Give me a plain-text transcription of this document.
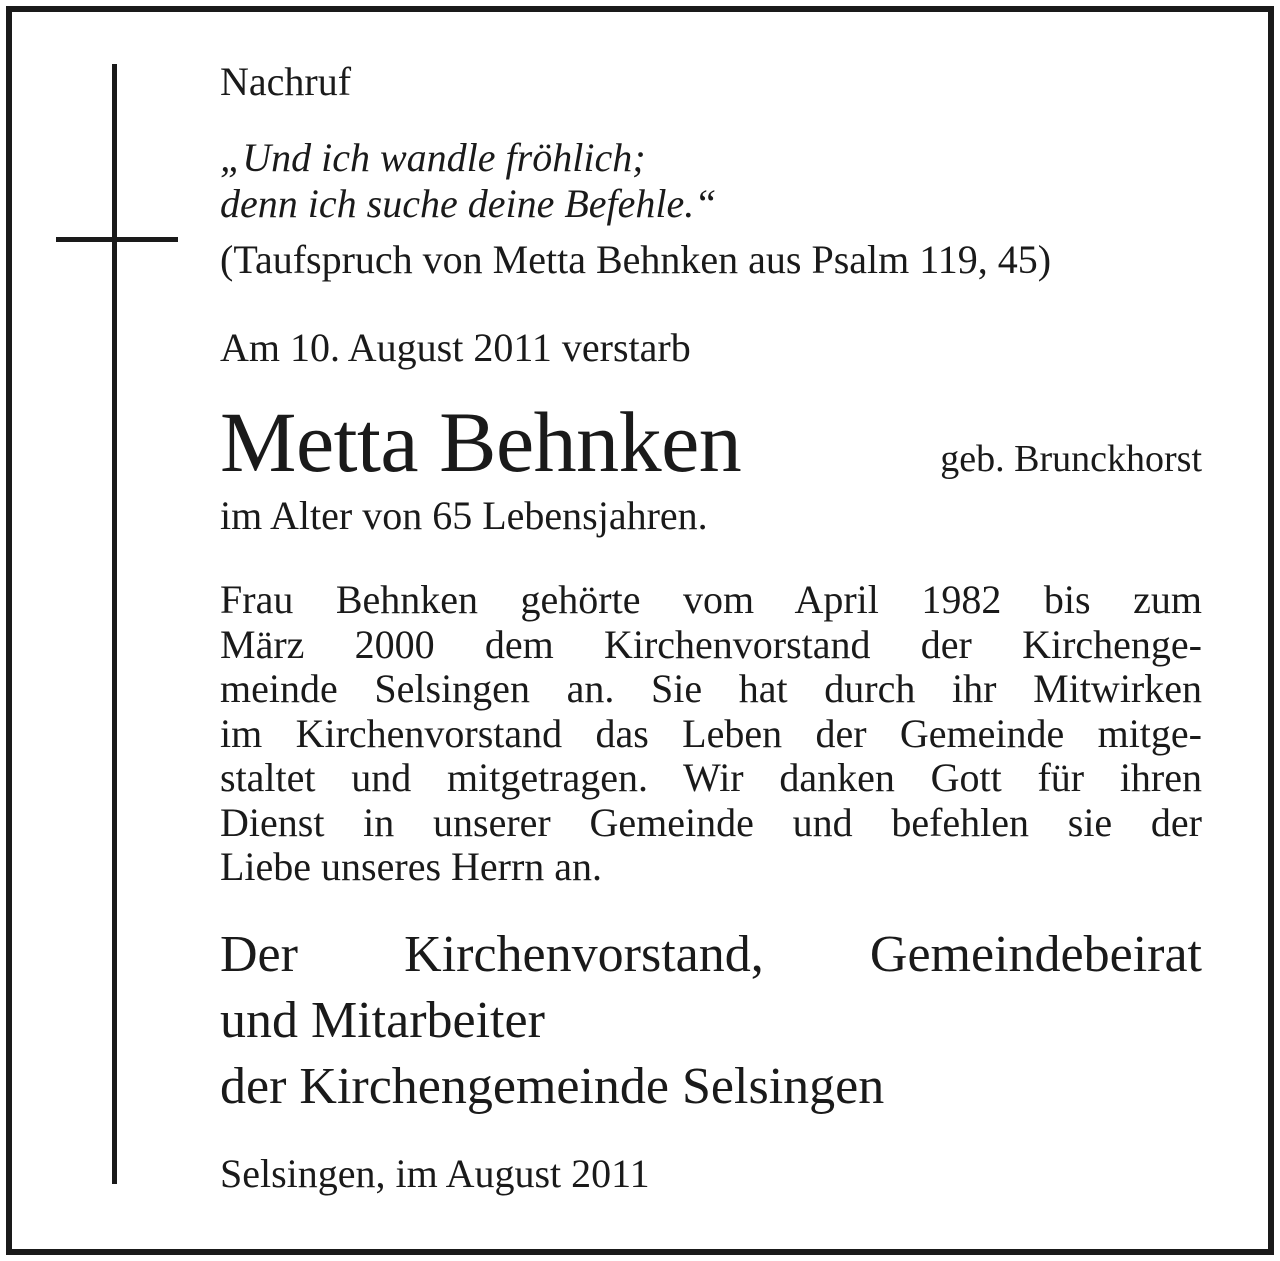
Nachruf
„Und ich wandle fröhlich;
denn ich suche deine Befehle.“
(Taufspruch von Metta Behnken aus Psalm 119, 45)
Am 10. August 2011 verstarb
Metta Behnken	geb. Brunckhorst
im Alter von 65 Lebensjahren.
Frau Behnken gehörte vom April 1982 bis zum
März 2000 dem Kirchenvorstand der Kirchenge-
meinde Selsingen an. Sie hat durch ihr Mitwirken
im Kirchenvorstand das Leben der Gemeinde mitge-
staltet und mitgetragen. Wir danken Gott für ihren
Dienst in unserer Gemeinde und befehlen sie der
Liebe unseres Herrn an.
Der Kirchenvorstand, Gemeindebeirat
und Mitarbeiter
der Kirchengemeinde Selsingen
Selsingen, im August 2011
